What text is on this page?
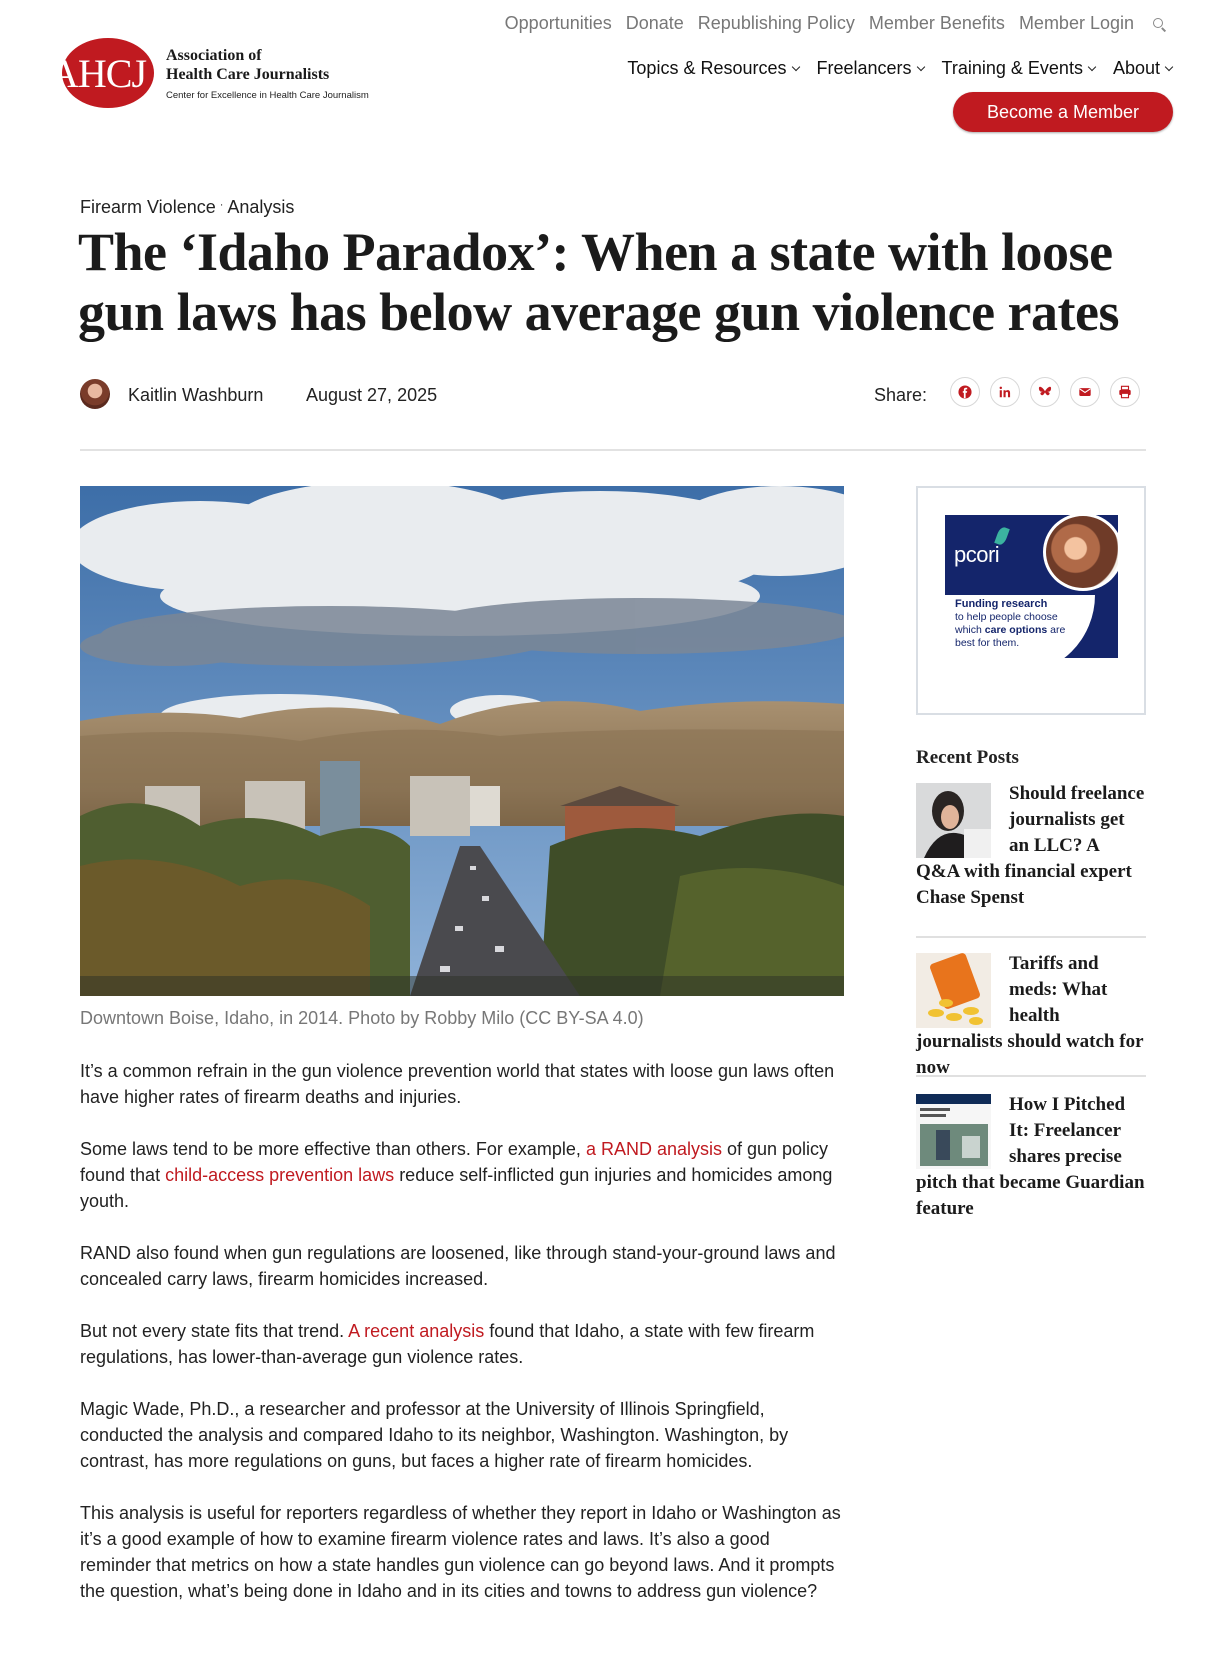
AHCJ Association of
Health Care Journalists
Center for Excellence in Health Care Journalism
Opportunities Donate Republishing Policy Member Benefits Member Login
Topics & Resources Freelancers Training & Events About
Become a Member
Firearm Violence · Analysis
The ‘Idaho Paradox’: When a state with loose gun laws has below average gun violence rates
Kaitlin Washburn August 27, 2025	Share:
Downtown Boise, Idaho, in 2014. Photo by Robby Milo (CC BY-SA 4.0)

It’s a common refrain in the gun violence prevention world that states with loose gun laws often have higher rates of firearm deaths and injuries.

Some laws tend to be more effective than others. For example, a RAND analysis of gun policy found that child-access prevention laws reduce self-inflicted gun injuries and homicides among youth.

RAND also found when gun regulations are loosened, like through stand-your-ground laws and concealed carry laws, firearm homicides increased.

But not every state fits that trend. A recent analysis found that Idaho, a state with few firearm regulations, has lower-than-average gun violence rates.

Magic Wade, Ph.D., a researcher and professor at the University of Illinois Springfield, conducted the analysis and compared Idaho to its neighbor, Washington. Washington, by contrast, has more regulations on guns, but faces a higher rate of firearm homicides.

This analysis is useful for reporters regardless of whether they report in Idaho or Washington as it’s a good example of how to examine firearm violence rates and laws. It’s also a good reminder that metrics on how a state handles gun violence can go beyond laws. And it prompts the question, what’s being done in Idaho and in its cities and towns to address gun violence?

pcori
Funding research
to help people choose
which care options are
best for them.
Recent Posts
Should freelance journalists get an LLC? A Q&A with financial expert Chase Spenst
Tariffs and meds: What health journalists should watch for now
How I Pitched It: Freelancer shares precise pitch that became Guardian feature
